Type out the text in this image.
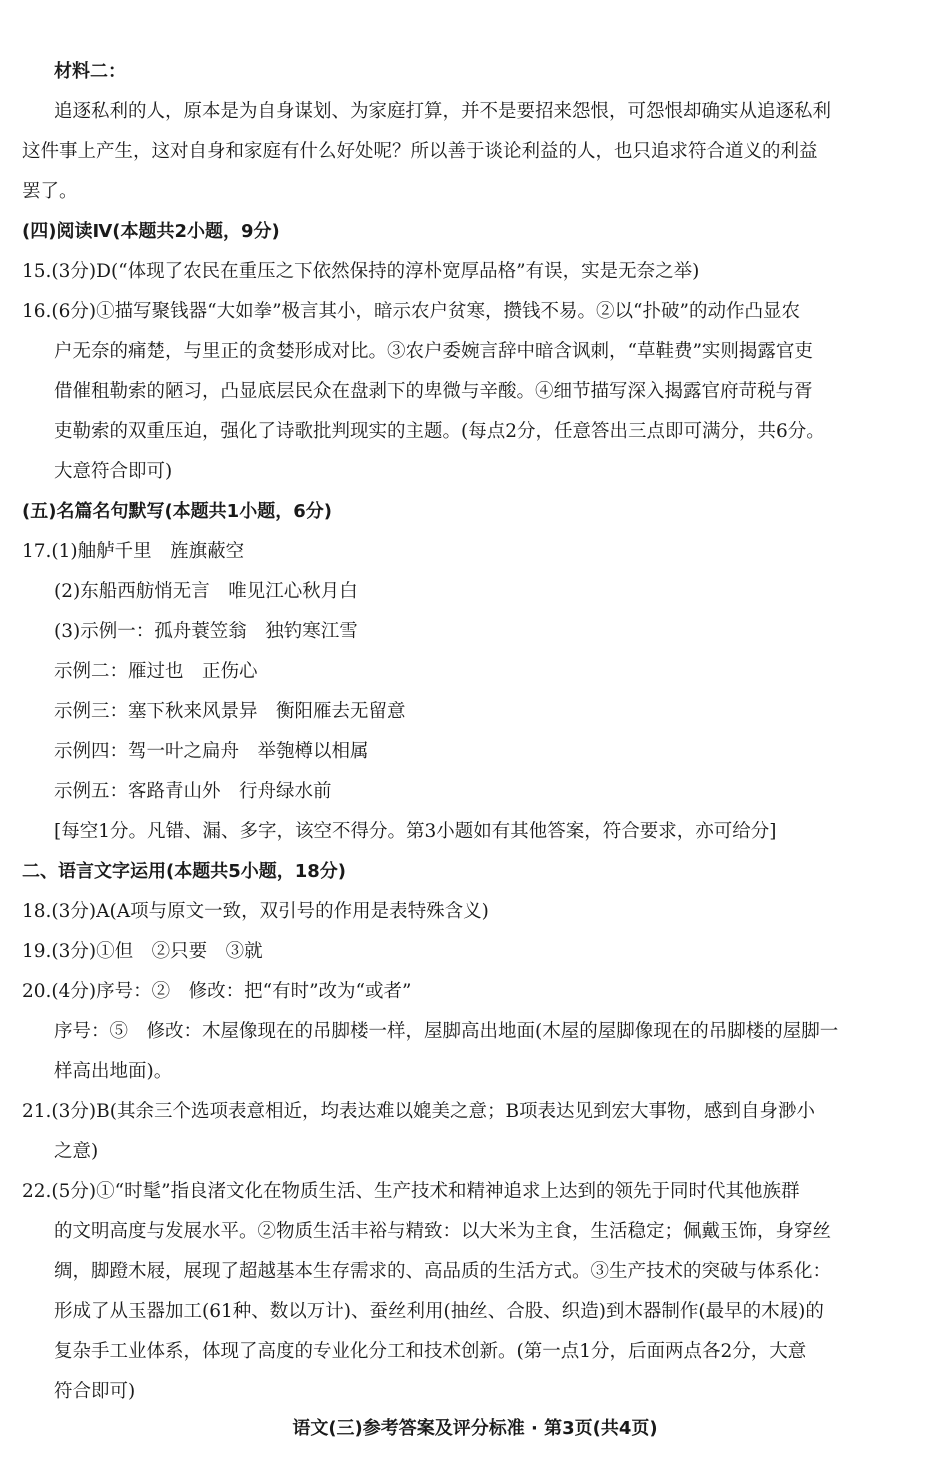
材料二：
追逐私利的人，原本是为自身谋划、为家庭打算，并不是要招来怨恨，可怨恨却确实从追逐私利
这件事上产生，这对自身和家庭有什么好处呢？所以善于谈论利益的人，也只追求符合道义的利益
罢了。
(四)阅读Ⅳ(本题共2小题，9分)
15.(3分)D(“体现了农民在重压之下依然保持的淳朴宽厚品格”有误，实是无奈之举)
16.(6分)①描写聚钱器“大如拳”极言其小，暗示农户贫寒，攒钱不易。②以“扑破”的动作凸显农
户无奈的痛楚，与里正的贪婪形成对比。③农户委婉言辞中暗含讽刺，“草鞋费”实则揭露官吏
借催租勒索的陋习，凸显底层民众在盘剥下的卑微与辛酸。④细节描写深入揭露官府苛税与胥
吏勒索的双重压迫，强化了诗歌批判现实的主题。(每点2分，任意答出三点即可满分，共6分。
大意符合即可)
(五)名篇名句默写(本题共1小题，6分)
17.(1)舳舻千里　旌旗蔽空
(2)东船西舫悄无言　唯见江心秋月白
(3)示例一：孤舟蓑笠翁　独钓寒江雪
示例二：雁过也　正伤心
示例三：塞下秋来风景异　衡阳雁去无留意
示例四：驾一叶之扁舟　举匏樽以相属
示例五：客路青山外　行舟绿水前
[每空1分。凡错、漏、多字，该空不得分。第3小题如有其他答案，符合要求，亦可给分]
二、语言文字运用(本题共5小题，18分)
18.(3分)A(A项与原文一致，双引号的作用是表特殊含义)
19.(3分)①但　②只要　③就
20.(4分)序号：②　修改：把“有时”改为“或者”
序号：⑤　修改：木屋像现在的吊脚楼一样，屋脚高出地面(木屋的屋脚像现在的吊脚楼的屋脚一
样高出地面)。
21.(3分)B(其余三个选项表意相近，均表达难以媲美之意；B项表达见到宏大事物，感到自身渺小
之意)
22.(5分)①“时髦”指良渚文化在物质生活、生产技术和精神追求上达到的领先于同时代其他族群
的文明高度与发展水平。②物质生活丰裕与精致：以大米为主食，生活稳定；佩戴玉饰，身穿丝
绸，脚蹬木屐，展现了超越基本生存需求的、高品质的生活方式。③生产技术的突破与体系化：
形成了从玉器加工(61种、数以万计)、蚕丝利用(抽丝、合股、织造)到木器制作(最早的木屐)的
复杂手工业体系，体现了高度的专业化分工和技术创新。(第一点1分，后面两点各2分，大意
符合即可)
语文(三)参考答案及评分标准 · 第3页(共4页)
